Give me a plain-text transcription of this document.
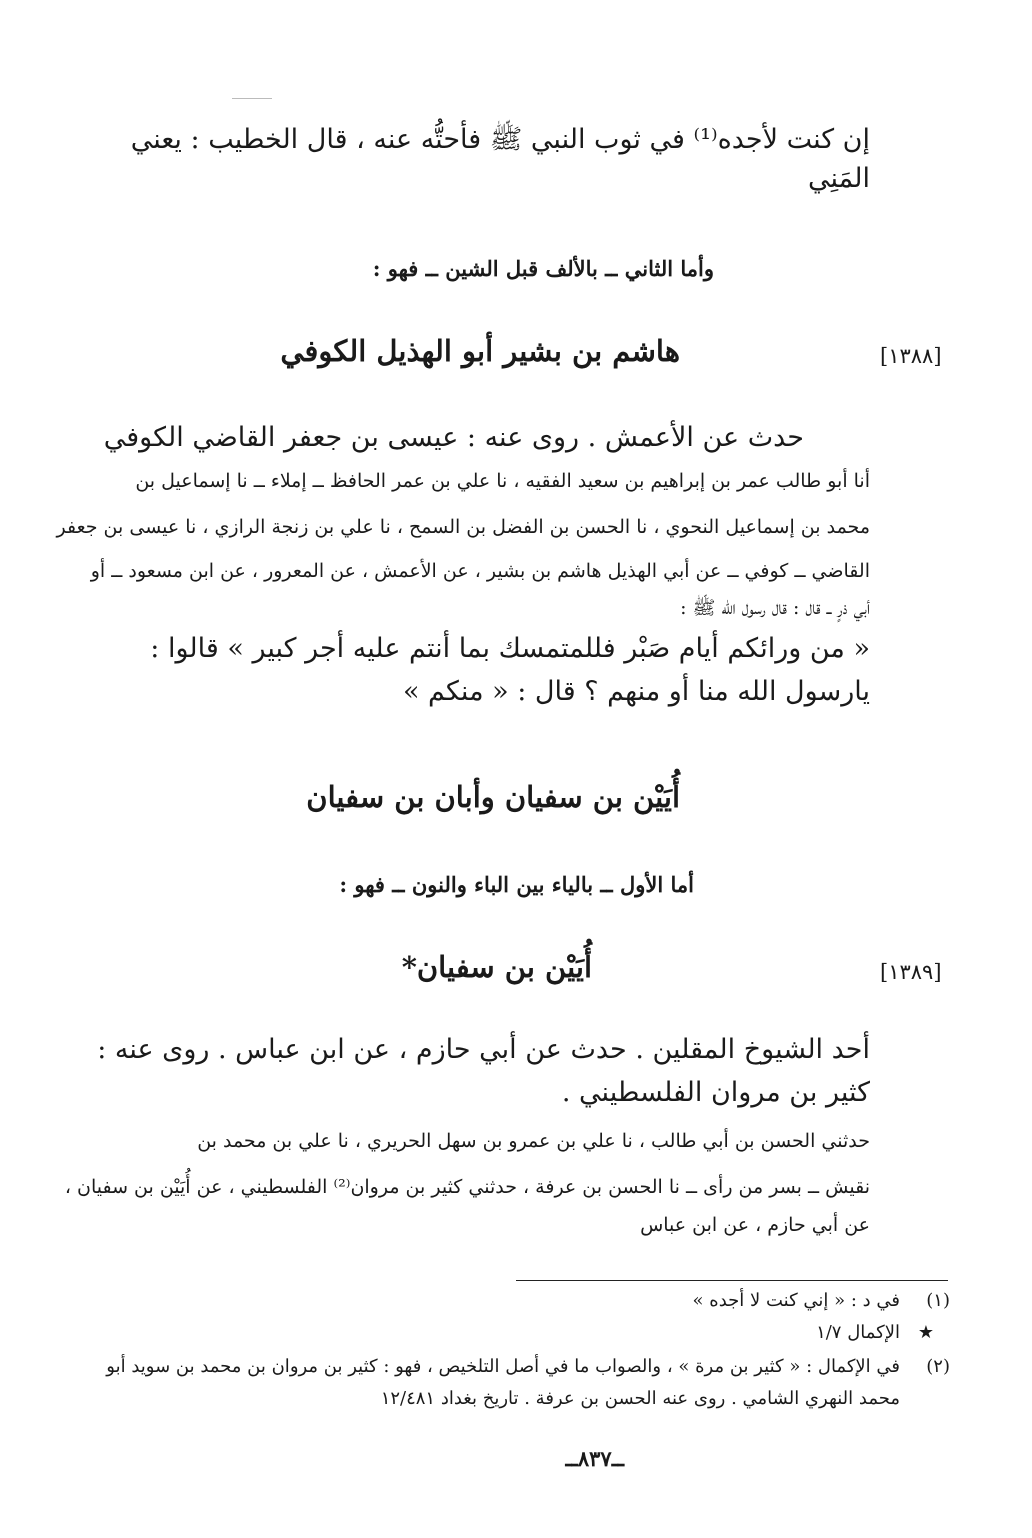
إن كنت لأجده⁽¹⁾ في ثوب النبي ﷺ فأحتُّه عنه ، قال الخطيب : يعني
المَنِي
وأما الثاني ــ بالألف قبل الشين ــ فهو :
[١٣٨٨]
هاشم بن بشير أبو الهذيل الكوفي
حدث عن الأعمش . روى عنه : عيسى بن جعفر القاضي الكوفي
أنا أبو طالب عمر بن إبراهيم بن سعيد الفقيه ، نا علي بن عمر الحافظ ــ إملاء ــ نا إسماعيل بن
محمد بن إسماعيل النحوي ، نا الحسن بن الفضل بن السمح ، نا علي بن زنجة الرازي ، نا عيسى بن جعفر
القاضي ــ كوفي ــ عن أبي الهذيل هاشم بن بشير ، عن الأعمش ، عن المعرور ، عن ابن مسعود ــ أو
أبي ذرٍ ــ قال : قال رسول الله ﷺ :
« من ورائكم أيام صَبْر فللمتمسك بما أنتم عليه أجر كبير » قالوا :
يارسول الله منا أو منهم ؟ قال : « منكم »
أُيَيْن بن سفيان وأبان بن سفيان
أما الأول ــ بالياء بين الباء والنون ــ فهو :
[١٣٨٩]
أُيَيْن بن سفيان*
أحد الشيوخ المقلين . حدث عن أبي حازم ، عن ابن عباس . روى عنه :
كثير بن مروان الفلسطيني .
حدثني الحسن بن أبي طالب ، نا علي بن عمرو بن سهل الحريري ، نا علي بن محمد بن
نقيش ــ بسر من رأى ــ نا الحسن بن عرفة ، حدثني كثير بن مروان⁽²⁾ الفلسطيني ، عن أُيَيْن بن سفيان ،
عن أبي حازم ، عن ابن عباس
(١)
في د : « إني كنت لا أجده »
★
الإكمال ١/٧
(٢)
في الإكمال : « كثير بن مرة » ، والصواب ما في أصل التلخيص ، فهو : كثير بن مروان بن محمد بن سويد أبو
محمد النهري الشامي . روى عنه الحسن بن عرفة . تاريخ بغداد ١٢/٤٨١
ــ٨٣٧ــ
